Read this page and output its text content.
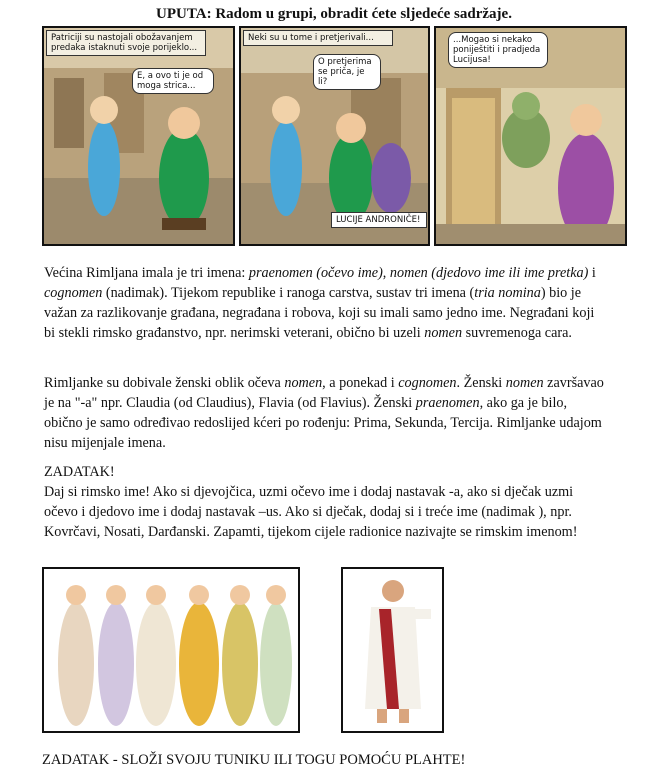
UPUTA: Radom u grupi, obradit ćete sljedeće sadržaje.
Patriciji su nastojali obožavanjem predaka istaknuti svoje porijeklo...
E, a ovo ti je od moga strica...
Neki su u tome i pretjerivali...
O pretjerima se priča, je li?
LUCIJE ANDRONIČE!
...Mogao si nekako poniještiti i pradjeda Lucijusa!

Većina Rimljana imala je tri imena: praenomen (očevo ime), nomen (djedovo ime ili ime pretka) i cognomen (nadimak). Tijekom republike i ranoga carstva, sustav tri imena (tria nomina) bio je važan za razlikovanje građana, negrađana i robova, koji su imali samo jedno ime. Negrađani koji bi stekli rimsko građanstvo, npr. nerimski veterani, obično bi uzeli nomen suvremenoga cara.

Rimljanke su dobivale ženski oblik očeva nomen, a ponekad i cognomen. Ženski nomen završavao je na "-a" npr. Claudia (od Claudius), Flavia (od Flavius). Ženski praenomen, ako ga je bilo, obično je samo određivao redoslijed kćeri po rođenju: Prima, Sekunda, Tercija. Rimljanke udajom nisu mijenjale imena.

ZADATAK!

Daj si rimsko ime! Ako si djevojčica, uzmi očevo ime i dodaj nastavak -a, ako si dječak uzmi očevo i djedovo ime i dodaj nastavak –us. Ako si dječak, dodaj si i treće ime (nadimak ), npr. Kovrčavi, Nosati, Darđanski. Zapamti, tijekom cijele radionice nazivajte se rimskim imenom!

ZADATAK - SLOŽI SVOJU TUNIKU ILI TOGU POMOĆU PLAHTE!
